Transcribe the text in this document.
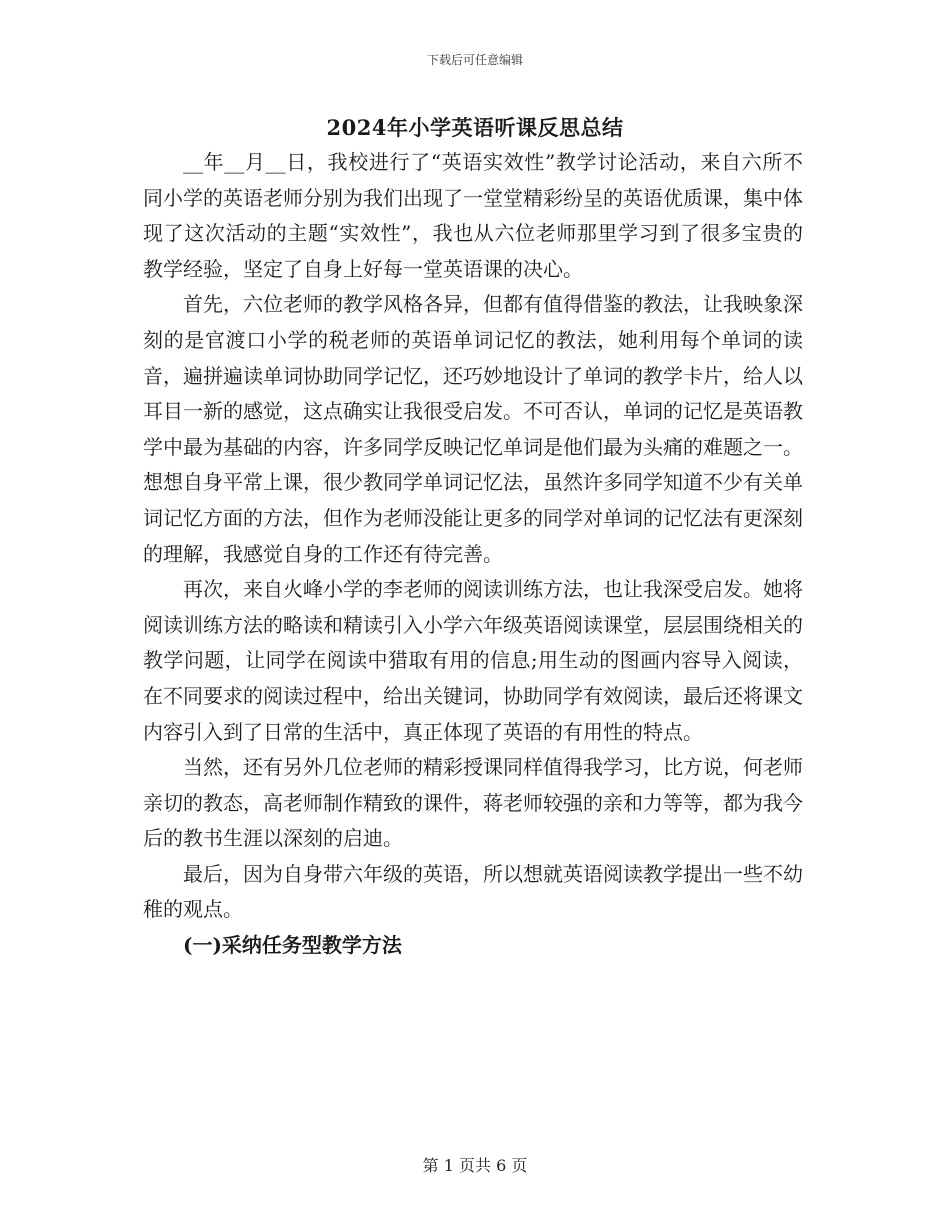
下载后可任意编辑
2024年小学英语听课反思总结

__年__月__日，我校进行了“英语实效性”教学讨论活动，来自六所不同小学的英语老师分别为我们出现了一堂堂精彩纷呈的英语优质课，集中体现了这次活动的主题“实效性”，我也从六位老师那里学习到了很多宝贵的教学经验，坚定了自身上好每一堂英语课的决心。

首先，六位老师的教学风格各异，但都有值得借鉴的教法，让我映象深刻的是官渡口小学的税老师的英语单词记忆的教法，她利用每个单词的读音，遍拼遍读单词协助同学记忆，还巧妙地设计了单词的教学卡片，给人以耳目一新的感觉，这点确实让我很受启发。不可否认，单词的记忆是英语教学中最为基础的内容，许多同学反映记忆单词是他们最为头痛的难题之一。想想自身平常上课，很少教同学单词记忆法，虽然许多同学知道不少有关单词记忆方面的方法，但作为老师没能让更多的同学对单词的记忆法有更深刻的理解，我感觉自身的工作还有待完善。

再次，来自火峰小学的李老师的阅读训练方法，也让我深受启发。她将阅读训练方法的略读和精读引入小学六年级英语阅读课堂，层层围绕相关的教学问题，让同学在阅读中猎取有用的信息;用生动的图画内容导入阅读，在不同要求的阅读过程中，给出关键词，协助同学有效阅读，最后还将课文内容引入到了日常的生活中，真正体现了英语的有用性的特点。

当然，还有另外几位老师的精彩授课同样值得我学习，比方说，何老师亲切的教态，高老师制作精致的课件，蒋老师较强的亲和力等等，都为我今后的教书生涯以深刻的启迪。

最后，因为自身带六年级的英语，所以想就英语阅读教学提出一些不幼稚的观点。

(一)采纳任务型教学方法

第 1 页共 6 页
